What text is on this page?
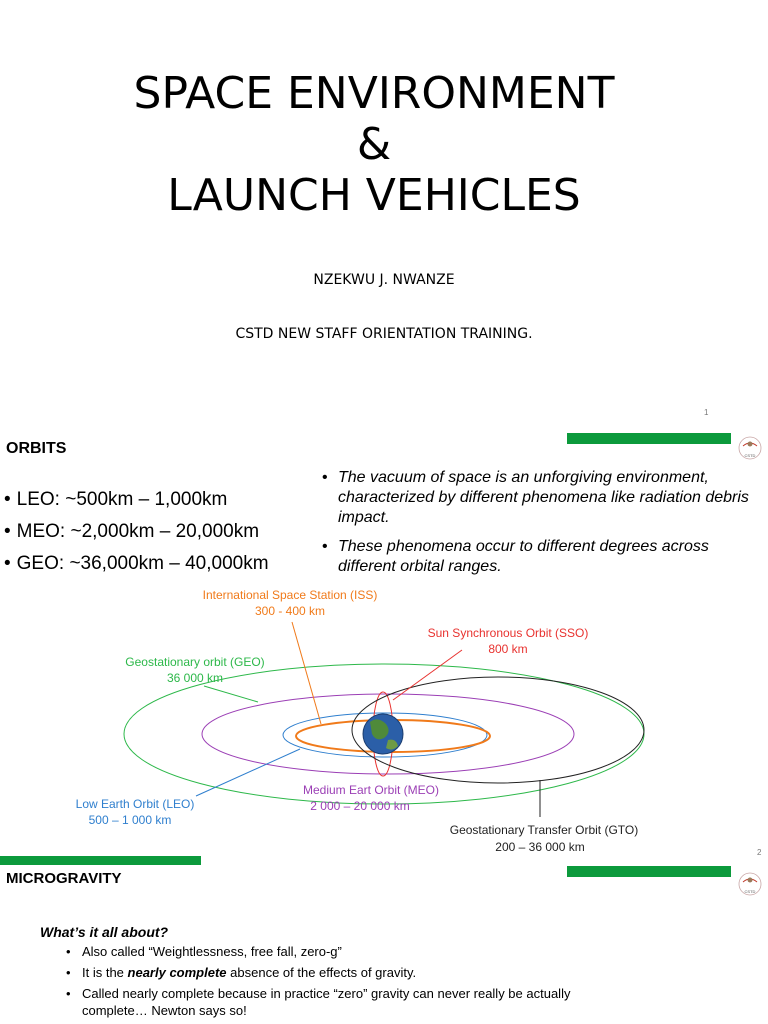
SPACE ENVIRONMENT
&
LAUNCH VEHICLES
NZEKWU J. NWANZE
CSTD NEW STAFF ORIENTATION TRAINING.
1
CSTD
ORBITS
• LEO: ~500km – 1,000km
• MEO: ~2,000km – 20,000km
• GEO: ~36,000km – 40,000km
• The vacuum of space is an unforgiving environment, characterized by different phenomena like radiation debris impact.
• These phenomena occur to different degrees across different orbital ranges.
International Space Station (ISS)
300 - 400 km
Sun Synchronous Orbit (SSO)
800 km
Geostationary orbit (GEO)
36 000 km
Low Earth Orbit (LEO)
500 – 1 000 km
Medium Eart Orbit (MEO)
2 000 – 20 000 km
Geostationary Transfer Orbit (GTO)
200 – 36 000 km	2
CSTD
MICROGRAVITY
What’s it all about?
• Also called “Weightlessness, free fall, zero-g”
• It is the nearly complete absence of the effects of gravity.
• Called nearly complete because in practice “zero” gravity can never really be actually complete… Newton says so!
